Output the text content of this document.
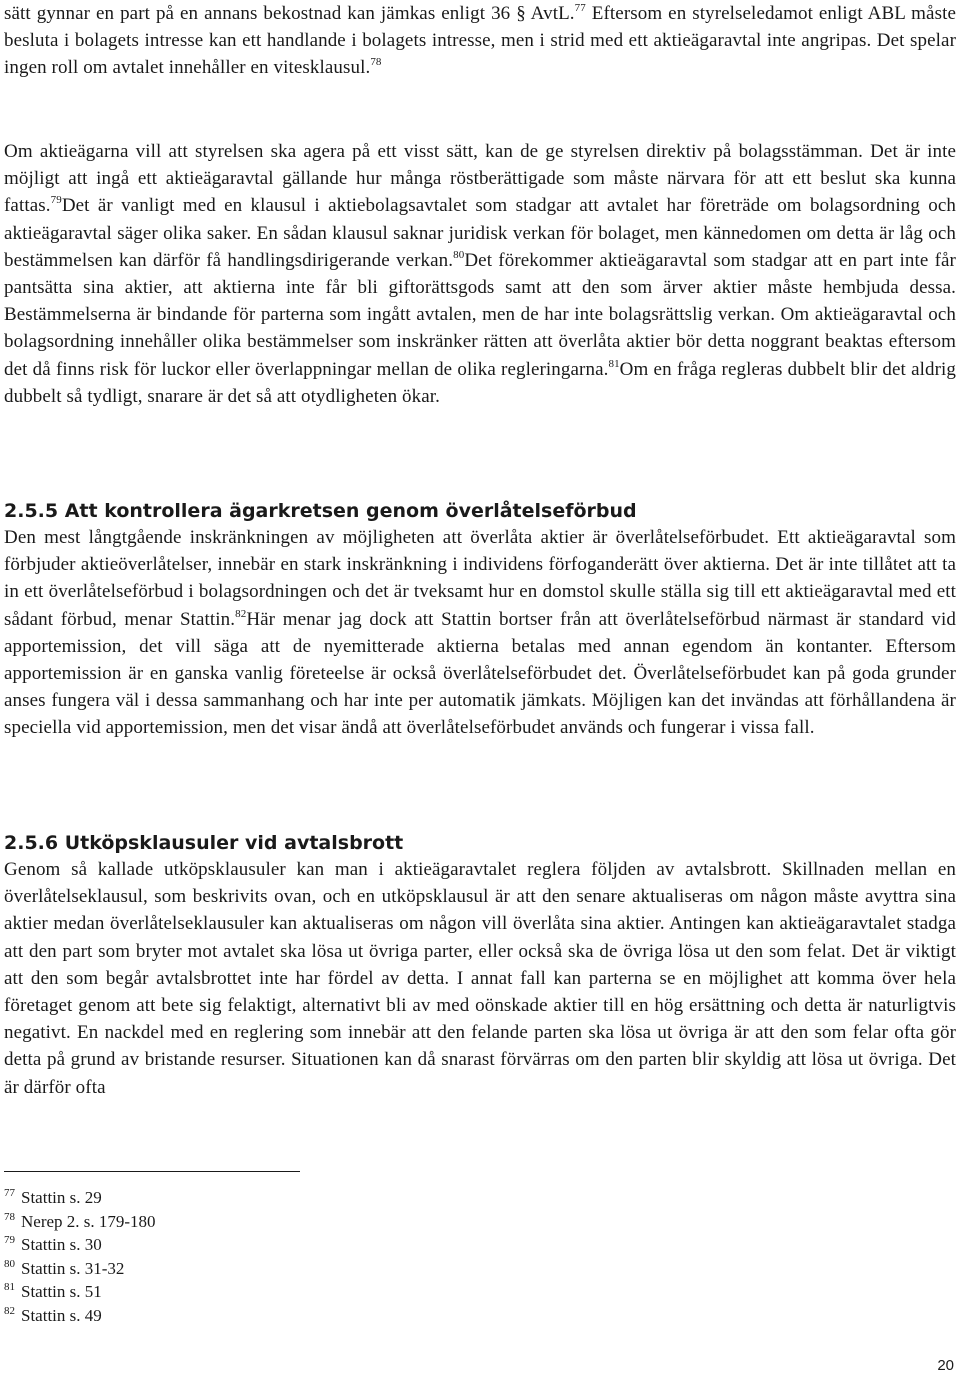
sätt gynnar en part på en annans bekostnad kan jämkas enligt 36 § AvtL.$^{77}$ Eftersom en styrelseledamot enligt ABL måste besluta i bolagets intresse kan ett handlande i bolagets intresse, men i strid med ett aktieägaravtal inte angripas. Det spelar ingen roll om avtalet innehåller en vitesklausul.$^{78}$

Om aktieägarna vill att styrelsen ska agera på ett visst sätt, kan de ge styrelsen direktiv på bolagsstämman. Det är inte möjligt att ingå ett aktieägaravtal gällande hur många röstberättigade som måste närvara för att ett beslut ska kunna fattas.$^{79}$Det är vanligt med en klausul i aktiebolagsavtalet som stadgar att avtalet har företräde om bolagsordning och aktieägaravtal säger olika saker. En sådan klausul saknar juridisk verkan för bolaget, men kännedomen om detta är låg och bestämmelsen kan därför få handlingsdirigerande verkan.$^{80}$Det förekommer aktieägaravtal som stadgar att en part inte får pantsätta sina aktier, att aktierna inte får bli giftorättsgods samt att den som ärver aktier måste hembjuda dessa. Bestämmelserna är bindande för parterna som ingått avtalen, men de har inte bolagsrättslig verkan. Om aktieägaravtal och bolagsordning innehåller olika bestämmelser som inskränker rätten att överlåta aktier bör detta noggrant beaktas eftersom det då finns risk för luckor eller överlappningar mellan de olika regleringarna.$^{81}$Om en fråga regleras dubbelt blir det aldrig dubbelt så tydligt, snarare är det så att otydligheten ökar.

2.5.5 Att kontrollera ägarkretsen genom överlåtelseförbud

Den mest långtgående inskränkningen av möjligheten att överlåta aktier är överlåtelseförbudet. Ett aktieägaravtal som förbjuder aktieöverlåtelser, innebär en stark inskränkning i individens förfoganderätt över aktierna. Det är inte tillåtet att ta in ett överlåtelseförbud i bolagsordningen och det är tveksamt hur en domstol skulle ställa sig till ett aktieägaravtal med ett sådant förbud, menar Stattin.$^{82}$Här menar jag dock att Stattin bortser från att överlåtelseförbud närmast är standard vid apportemission, det vill säga att de nyemitterade aktierna betalas med annan egendom än kontanter. Eftersom apportemission är en ganska vanlig företeelse är också överlåtelseförbudet det. Överlåtelseförbudet kan på goda grunder anses fungera väl i dessa sammanhang och har inte per automatik jämkats. Möjligen kan det invändas att förhållandena är speciella vid apportemission, men det visar ändå att överlåtelseförbudet används och fungerar i vissa fall.

2.5.6 Utköpsklausuler vid avtalsbrott

Genom så kallade utköpsklausuler kan man i aktieägaravtalet reglera följden av avtalsbrott. Skillnaden mellan en överlåtelseklausul, som beskrivits ovan, och en utköpsklausul är att den senare aktualiseras om någon måste avyttra sina aktier medan överlåtelseklausuler kan aktualiseras om någon vill överlåta sina aktier. Antingen kan aktieägaravtalet stadga att den part som bryter mot avtalet ska lösa ut övriga parter, eller också ska de övriga lösa ut den som felat. Det är viktigt att den som begår avtalsbrottet inte har fördel av detta. I annat fall kan parterna se en möjlighet att komma över hela företaget genom att bete sig felaktigt, alternativt bli av med oönskade aktier till en hög ersättning och detta är naturligtvis negativt. En nackdel med en reglering som innebär att den felande parten ska lösa ut övriga är att den som felar ofta gör detta på grund av bristande resurser. Situationen kan då snarast förvärras om den parten blir skyldig att lösa ut övriga. Det är därför ofta

$^{77}$ Stattin s. 29
$^{78}$ Nerep 2. s. 179-180
$^{79}$ Stattin s. 30
$^{80}$ Stattin s. 31-32
$^{81}$ Stattin s. 51
$^{82}$ Stattin s. 49
20
